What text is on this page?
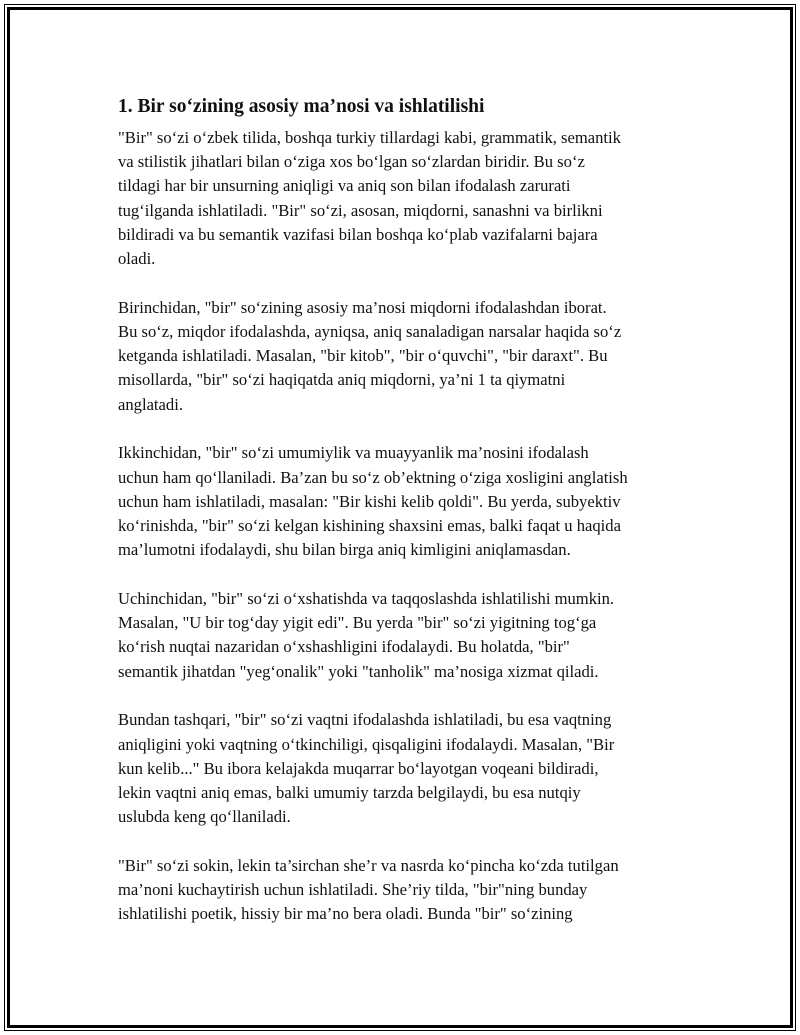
1. Bir so‘zining asosiy ma’nosi va ishlatilishi
"Bir" so‘zi o‘zbek tilida, boshqa turkiy tillardagi kabi, grammatik, semantik
va stilistik jihatlari bilan o‘ziga xos bo‘lgan so‘zlardan biridir. Bu so‘z
tildagi har bir unsurning aniqligi va aniq son bilan ifodalash zarurati
tug‘ilganda ishlatiladi. "Bir" so‘zi, asosan, miqdorni, sanashni va birlikni
bildiradi va bu semantik vazifasi bilan boshqa ko‘plab vazifalarni bajara
oladi.
Birinchidan, "bir" so‘zining asosiy ma’nosi miqdorni ifodalashdan iborat.
Bu so‘z, miqdor ifodalashda, ayniqsa, aniq sanaladigan narsalar haqida so‘z
ketganda ishlatiladi. Masalan, "bir kitob", "bir o‘quvchi", "bir daraxt". Bu
misollarda, "bir" so‘zi haqiqatda aniq miqdorni, ya’ni 1 ta qiymatni
anglatadi.
Ikkinchidan, "bir" so‘zi umumiylik va muayyanlik ma’nosini ifodalash
uchun ham qo‘llaniladi. Ba’zan bu so‘z ob’ektning o‘ziga xosligini anglatish
uchun ham ishlatiladi, masalan: "Bir kishi kelib qoldi". Bu yerda, subyektiv
ko‘rinishda, "bir" so‘zi kelgan kishining shaxsini emas, balki faqat u haqida
ma’lumotni ifodalaydi, shu bilan birga aniq kimligini aniqlamasdan.
Uchinchidan, "bir" so‘zi o‘xshatishda va taqqoslashda ishlatilishi mumkin.
Masalan, "U bir tog‘day yigit edi". Bu yerda "bir" so‘zi yigitning tog‘ga
ko‘rish nuqtai nazaridan o‘xshashligini ifodalaydi. Bu holatda, "bir"
semantik jihatdan "yeg‘onalik" yoki "tanholik" ma’nosiga xizmat qiladi.
Bundan tashqari, "bir" so‘zi vaqtni ifodalashda ishlatiladi, bu esa vaqtning
aniqligini yoki vaqtning o‘tkinchiligi, qisqaligini ifodalaydi. Masalan, "Bir
kun kelib..." Bu ibora kelajakda muqarrar bo‘layotgan voqeani bildiradi,
lekin vaqtni aniq emas, balki umumiy tarzda belgilaydi, bu esa nutqiy
uslubda keng qo‘llaniladi.
"Bir" so‘zi sokin, lekin ta’sirchan she’r va nasrda ko‘pincha ko‘zda tutilgan
ma’noni kuchaytirish uchun ishlatiladi. She’riy tilda, "bir"ning bunday
ishlatilishi poetik, hissiy bir ma’no bera oladi. Bunda "bir" so‘zining
